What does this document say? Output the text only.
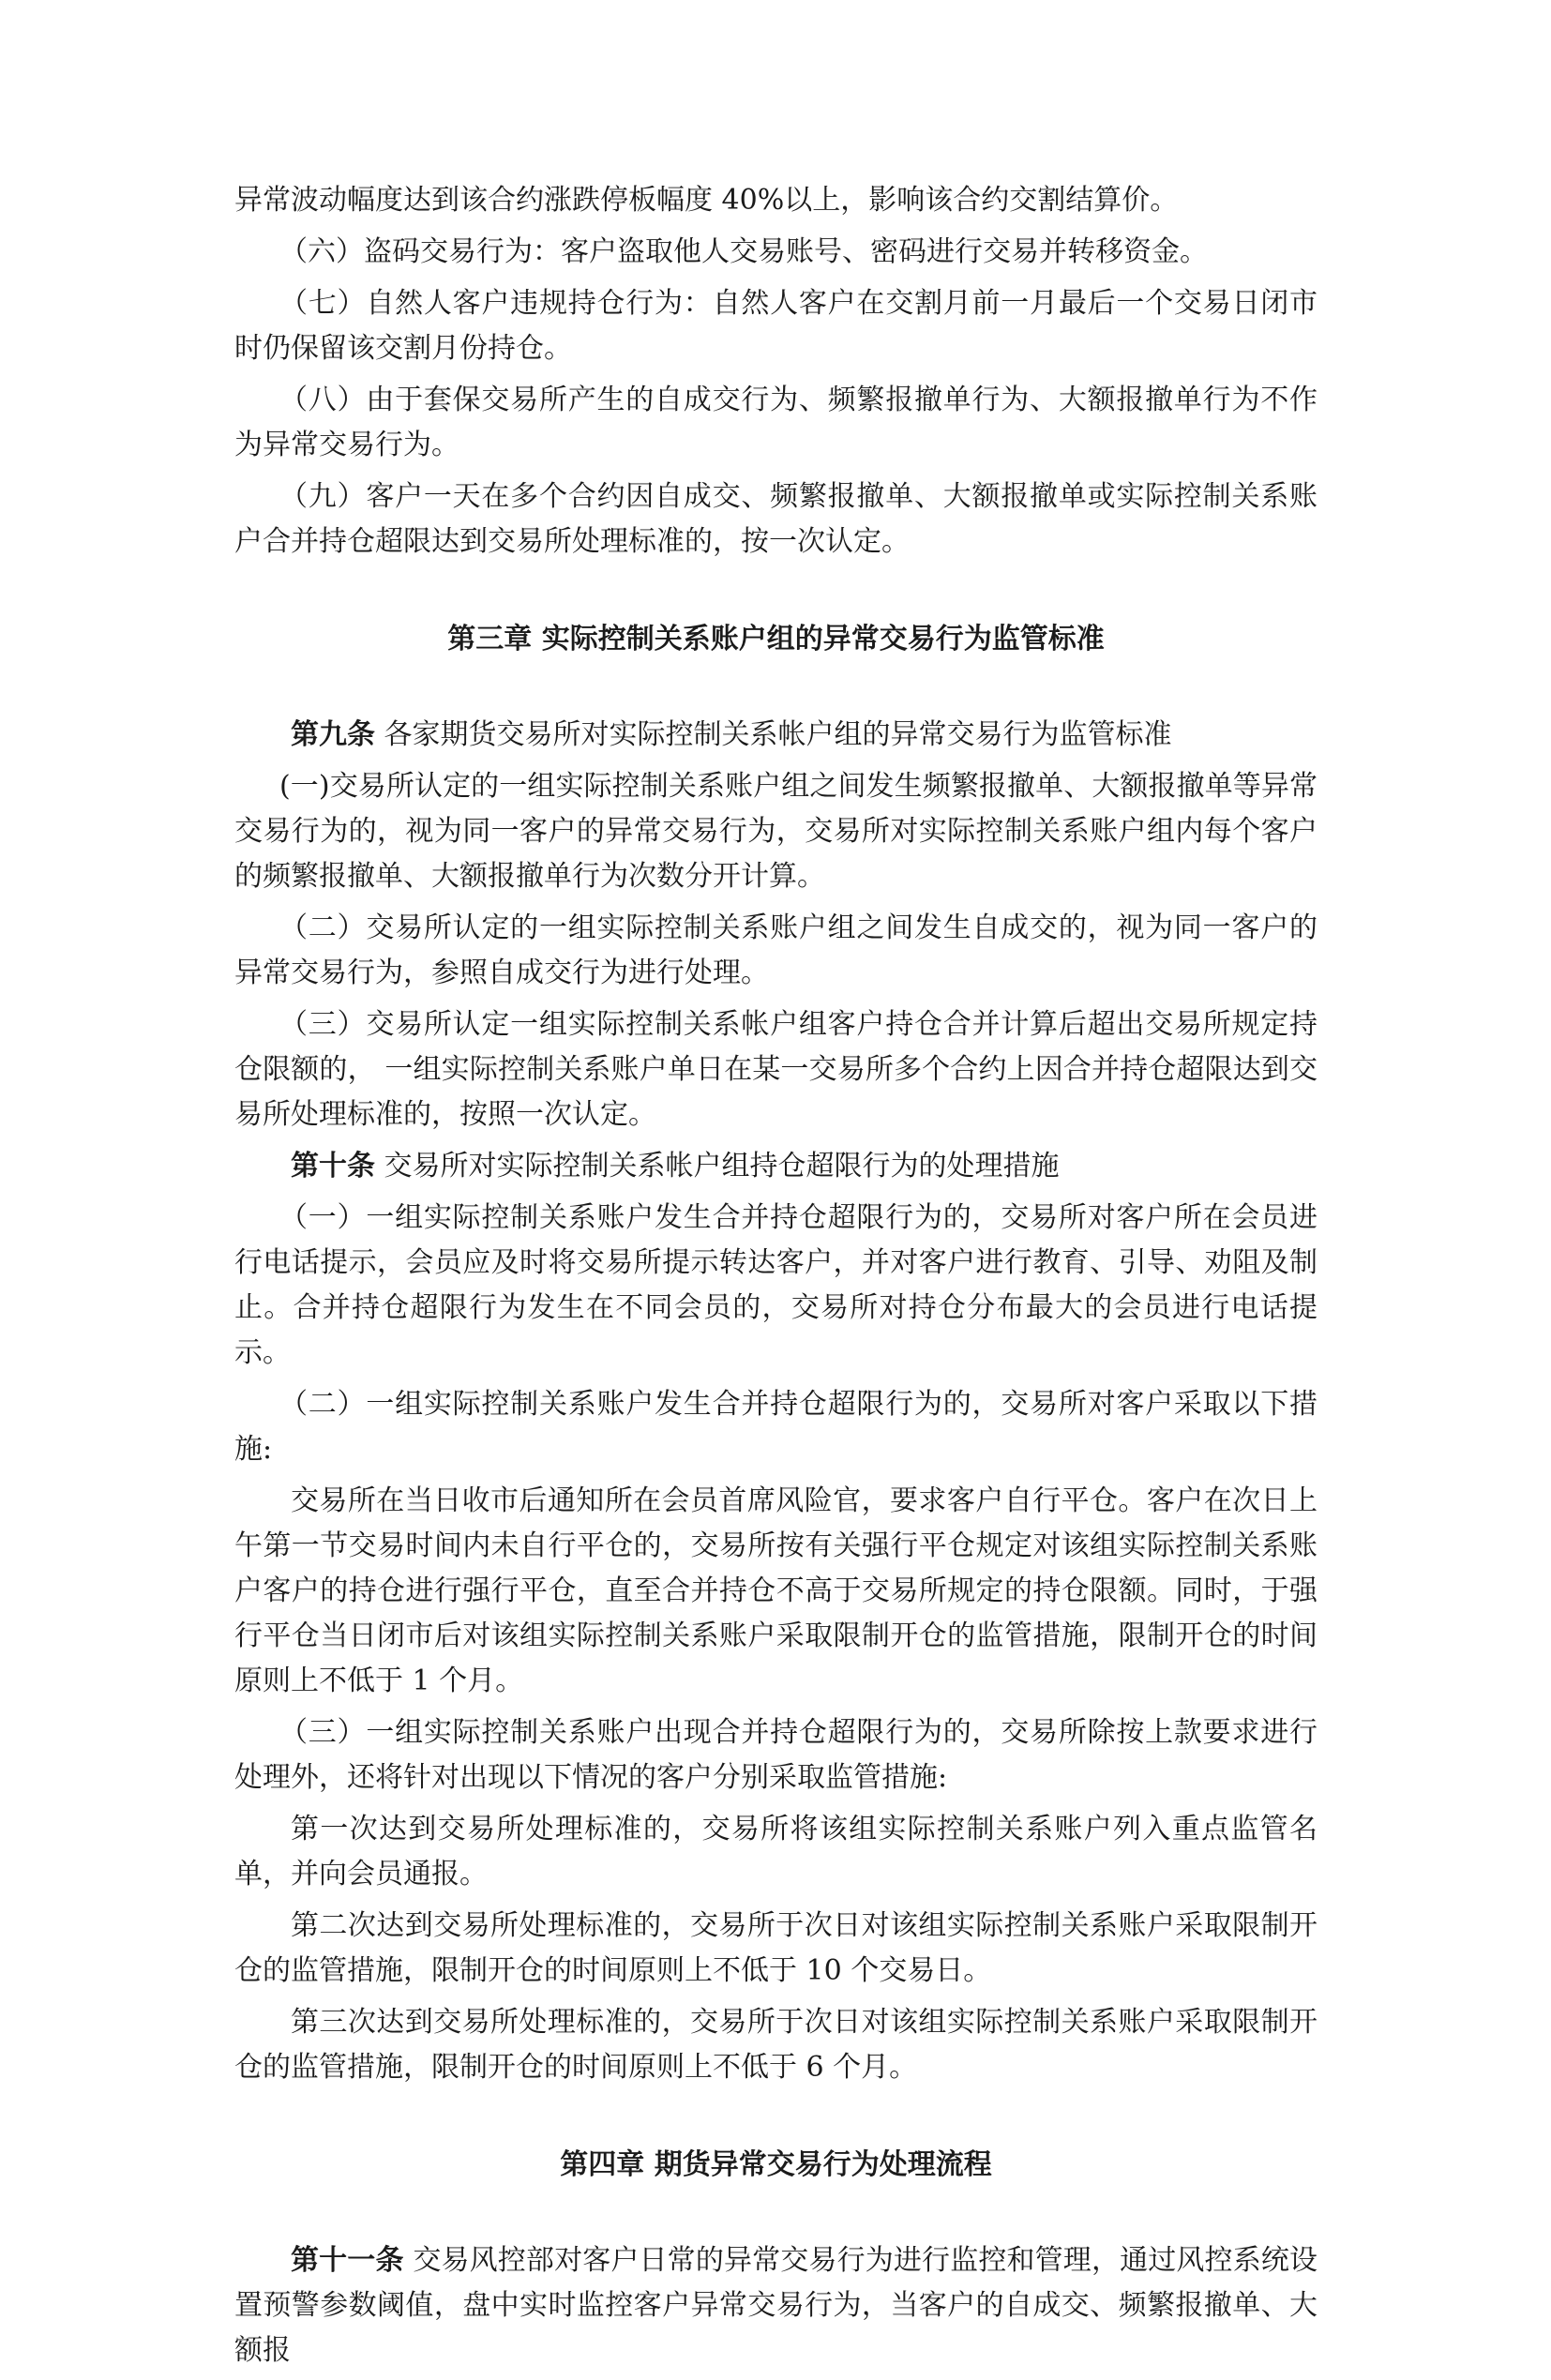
异常波动幅度达到该合约涨跌停板幅度 40%以上，影响该合约交割结算价。

（六）盗码交易行为：客户盗取他人交易账号、密码进行交易并转移资金。

（七）自然人客户违规持仓行为：自然人客户在交割月前一月最后一个交易日闭市时仍保留该交割月份持仓。

（八）由于套保交易所产生的自成交行为、频繁报撤单行为、大额报撤单行为不作为异常交易行为。

（九）客户一天在多个合约因自成交、频繁报撤单、大额报撤单或实际控制关系账户合并持仓超限达到交易所处理标准的，按一次认定。

第三章 实际控制关系账户组的异常交易行为监管标准

第九条 各家期货交易所对实际控制关系帐户组的异常交易行为监管标准

(一)交易所认定的一组实际控制关系账户组之间发生频繁报撤单、大额报撤单等异常交易行为的，视为同一客户的异常交易行为，交易所对实际控制关系账户组内每个客户的频繁报撤单、大额报撤单行为次数分开计算。

（二）交易所认定的一组实际控制关系账户组之间发生自成交的，视为同一客户的异常交易行为，参照自成交行为进行处理。

（三）交易所认定一组实际控制关系帐户组客户持仓合并计算后超出交易所规定持仓限额的， 一组实际控制关系账户单日在某一交易所多个合约上因合并持仓超限达到交易所处理标准的，按照一次认定。

第十条 交易所对实际控制关系帐户组持仓超限行为的处理措施

（一）一组实际控制关系账户发生合并持仓超限行为的，交易所对客户所在会员进行电话提示，会员应及时将交易所提示转达客户，并对客户进行教育、引导、劝阻及制止。合并持仓超限行为发生在不同会员的，交易所对持仓分布最大的会员进行电话提示。

（二）一组实际控制关系账户发生合并持仓超限行为的，交易所对客户采取以下措施:

交易所在当日收市后通知所在会员首席风险官，要求客户自行平仓。客户在次日上午第一节交易时间内未自行平仓的，交易所按有关强行平仓规定对该组实际控制关系账户客户的持仓进行强行平仓，直至合并持仓不高于交易所规定的持仓限额。同时，于强行平仓当日闭市后对该组实际控制关系账户采取限制开仓的监管措施，限制开仓的时间原则上不低于 1 个月。

（三）一组实际控制关系账户出现合并持仓超限行为的，交易所除按上款要求进行处理外，还将针对出现以下情况的客户分别采取监管措施:

第一次达到交易所处理标准的，交易所将该组实际控制关系账户列入重点监管名单，并向会员通报。

第二次达到交易所处理标准的，交易所于次日对该组实际控制关系账户采取限制开仓的监管措施，限制开仓的时间原则上不低于 10 个交易日。

第三次达到交易所处理标准的，交易所于次日对该组实际控制关系账户采取限制开仓的监管措施，限制开仓的时间原则上不低于 6 个月。

第四章 期货异常交易行为处理流程

第十一条 交易风控部对客户日常的异常交易行为进行监控和管理，通过风控系统设置预警参数阈值，盘中实时监控客户异常交易行为，当客户的自成交、频繁报撤单、大额报
